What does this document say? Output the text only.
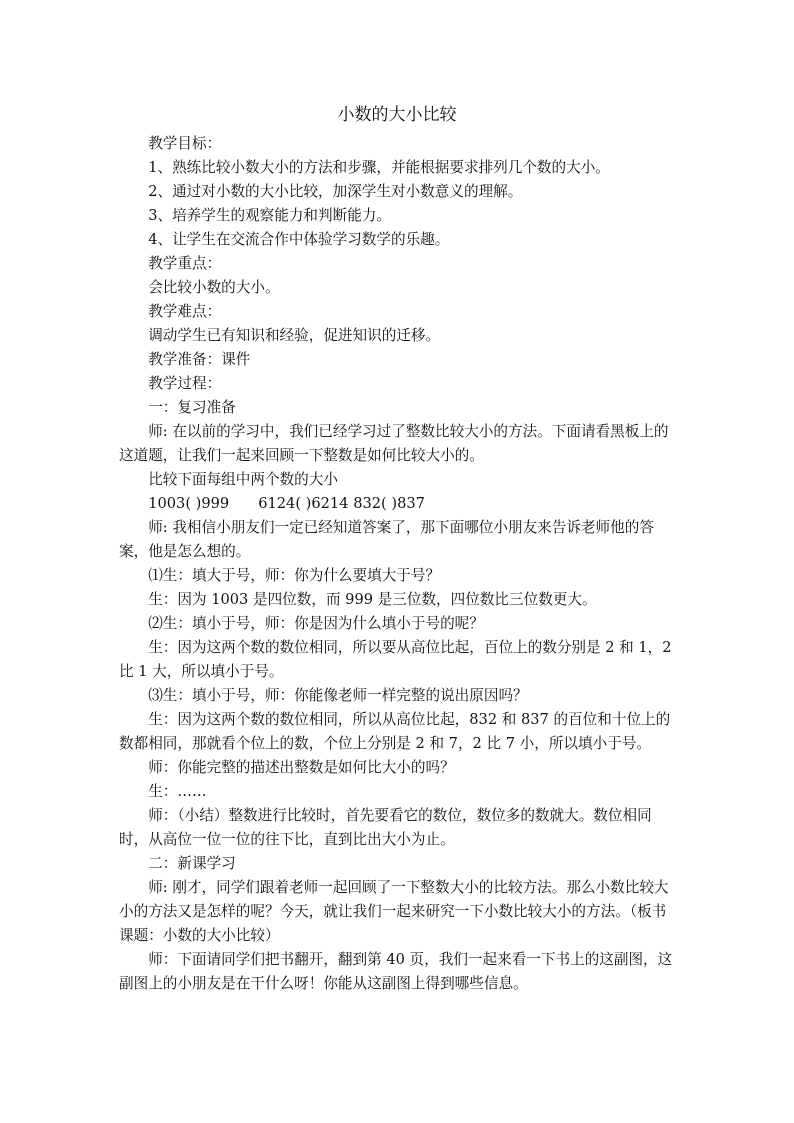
小数的大小比较

教学目标：

1、熟练比较小数大小的方法和步骤，并能根据要求排列几个数的大小。

2、通过对小数的大小比较，加深学生对小数意义的理解。

3、培养学生的观察能力和判断能力。

4、让学生在交流合作中体验学习数学的乐趣。

教学重点：

会比较小数的大小。

教学难点：

调动学生已有知识和经验，促进知识的迁移。

教学准备：课件

教学过程：

一：复习准备

师: 在以前的学习中，我们已经学习过了整数比较大小的方法。下面请看黑板上的这道题，让我们一起来回顾一下整数是如何比较大小的。

比较下面每组中两个数的大小

1003( )999 6124( )6214 832( )837

师: 我相信小朋友们一定已经知道答案了，那下面哪位小朋友来告诉老师他的答案，他是怎么想的。

⑴生：填大于号，师：你为什么要填大于号？

生：因为 1003 是四位数，而 999 是三位数，四位数比三位数更大。

⑵生：填小于号，师：你是因为什么填小于号的呢？

生：因为这两个数的数位相同，所以要从高位比起，百位上的数分别是 2 和 1，2 比 1 大，所以填小于号。

⑶生：填小于号，师：你能像老师一样完整的说出原因吗？

生：因为这两个数的数位相同，所以从高位比起，832 和 837 的百位和十位上的数都相同，那就看个位上的数，个位上分别是 2 和 7，2 比 7 小，所以填小于号。

师：你能完整的描述出整数是如何比大小的吗？

生：……

师：（小结）整数进行比较时，首先要看它的数位，数位多的数就大。数位相同时，从高位一位一位的往下比，直到比出大小为止。

二：新课学习

师: 刚才，同学们跟着老师一起回顾了一下整数大小的比较方法。那么小数比较大小的方法又是怎样的呢？今天，就让我们一起来研究一下小数比较大小的方法。（板书课题：小数的大小比较）

师：下面请同学们把书翻开，翻到第 40 页，我们一起来看一下书上的这副图，这副图上的小朋友是在干什么呀！你能从这副图上得到哪些信息。
